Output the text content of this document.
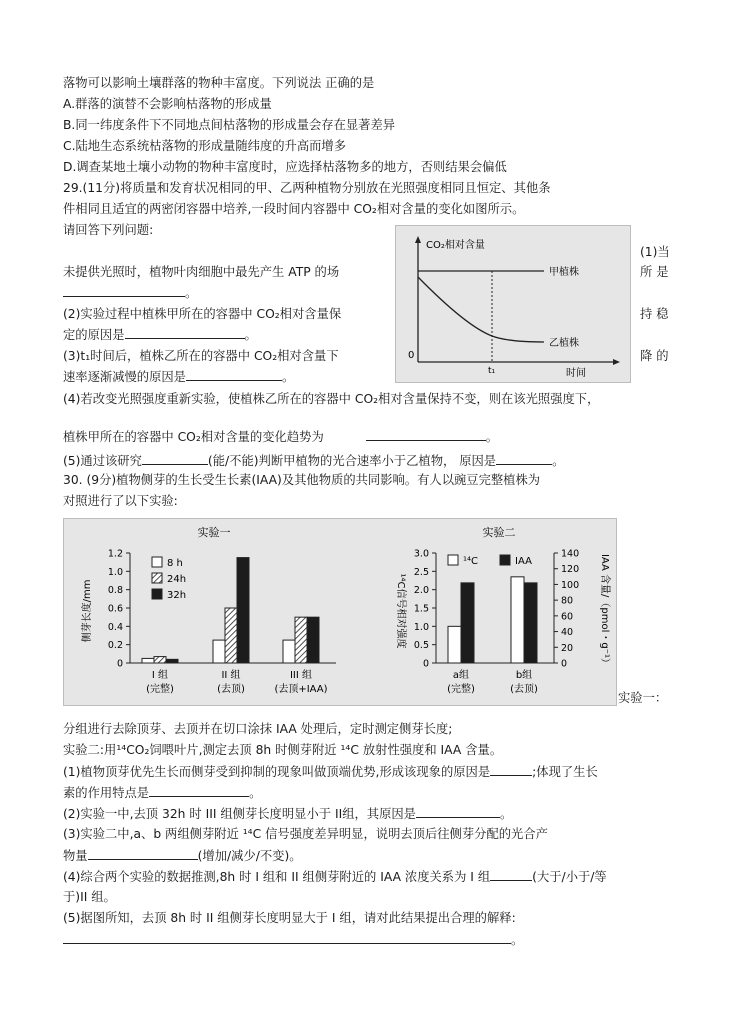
落物可以影响土壤群落的物种丰富度。下列说法 正确的是
A.群落的演替不会影响枯落物的形成量
B.同一纬度条件下不同地点间枯落物的形成量会存在显著差异
C.陆地生态系统枯落物的形成量随纬度的升高而增多
D.调查某地土壤小动物的物种丰富度时，应选择枯落物多的地方，否则结果会偏低
29.(11分)将质量和发育状况相同的甲、乙两种植物分别放在光照强度相同且恒定、其他条
件相同且适宜的两密闭容器中培养,一段时间内容器中 CO₂相对含量的变化如图所示。
请回答下列问题:
(1)当
未提供光照时，植物叶肉细胞中最先产生 ATP 的场	所 是
。
(2)实验过程中植株甲所在的容器中 CO₂相对含量保	持 稳
定的原因是	。
(3)t₁时间后，植株乙所在的容器中 CO₂相对含量下	降 的
速率逐渐减慢的原因是	。
(4)若改变光照强度重新实验，使植株乙所在的容器中 CO₂相对含量保持不变，则在该光照强度下，
植株甲所在的容器中 CO₂相对含量的变化趋势为	。
(5)通过该研究	(能/不能)判断甲植物的光合速率小于乙植物， 原因是	。
CO₂相对含量
0
时间
甲植株
乙植株
t₁
30. (9分)植物侧芽的生长受生长素(IAA)及其他物质的共同影响。有人以豌豆完整植株为
对照进行了以下实验:
实验一
侧芽长度/mm
0
0.2
0.4
0.6
0.8
1.0
1.2
I 组
(完整)
II 组
(去顶)
III 组
(去顶+IAA)
8 h
24h
32h
实验二
¹⁴C信号相对强度	IAA 含量/（pmol・g⁻¹）
0
0.5
1.0
1.5
2.0
2.5
3.0
0
20
40
60
80
100
120
140
a组
(完整)
b组
(去顶)
¹⁴C	IAA
实验一：
分组进行去除顶芽、去顶并在切口涂抹 IAA 处理后，定时测定侧芽长度;
实验二:用¹⁴CO₂饲喂叶片,测定去顶 8h 时侧芽附近 ¹⁴C 放射性强度和 IAA 含量。
(1)植物顶芽优先生长而侧芽受到抑制的现象叫做顶端优势,形成该现象的原因是	;体现了生长
素的作用特点是	。
(2)实验一中,去顶 32h 时 III 组侧芽长度明显小于 II组，其原因是	。
(3)实验二中,a、b 两组侧芽附近 ¹⁴C 信号强度差异明显，说明去顶后往侧芽分配的光合产
物量	(增加/减少/不变)。
(4)综合两个实验的数据推测,8h 时 I 组和 II 组侧芽附近的 IAA 浓度关系为 I 组	(大于/小于/等
于)II 组。
(5)据图所知，去顶 8h 时 II 组侧芽长度明显大于 I 组，请对此结果提出合理的解释:
。
